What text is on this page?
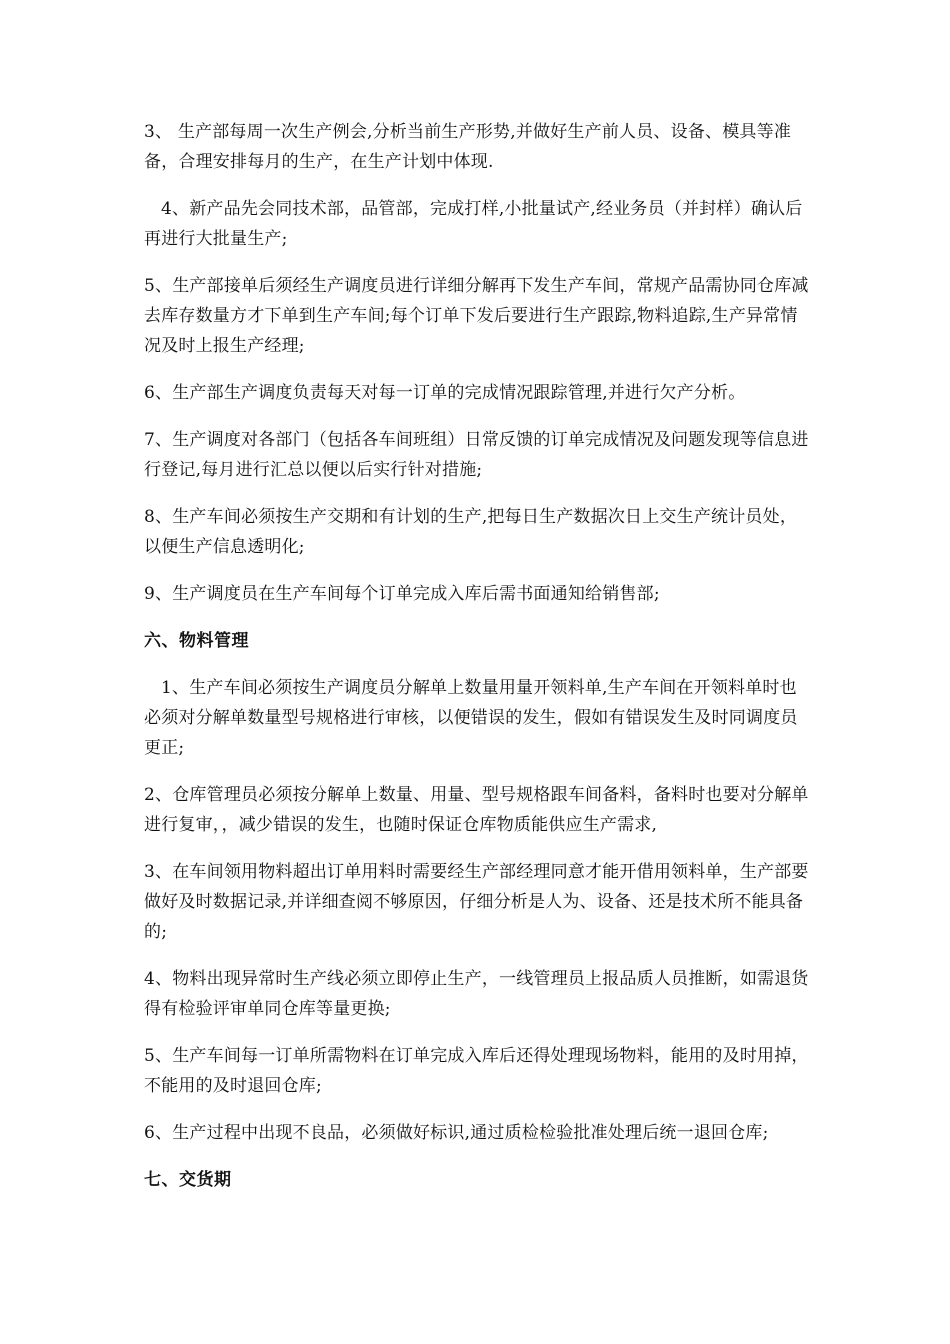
3、 生产部每周一次生产例会,分析当前生产形势,并做好生产前人员、设备、模具等准备，合理安排每月的生产，在生产计划中体现.

4、新产品先会同技术部，品管部，完成打样,小批量试产,经业务员（并封样）确认后再进行大批量生产;

5、生产部接单后须经生产调度员进行详细分解再下发生产车间，常规产品需协同仓库减去库存数量方才下单到生产车间;每个订单下发后要进行生产跟踪,物料追踪,生产异常情况及时上报生产经理;

6、生产部生产调度负责每天对每一订单的完成情况跟踪管理,并进行欠产分析。

7、生产调度对各部门（包括各车间班组）日常反馈的订单完成情况及问题发现等信息进行登记,每月进行汇总以便以后实行针对措施;

8、生产车间必须按生产交期和有计划的生产,把每日生产数据次日上交生产统计员处，以便生产信息透明化;

9、生产调度员在生产车间每个订单完成入库后需书面通知给销售部;

六、物料管理

1、生产车间必须按生产调度员分解单上数量用量开领料单,生产车间在开领料单时也必须对分解单数量型号规格进行审核，以便错误的发生，假如有错误发生及时同调度员更正;

2、仓库管理员必须按分解单上数量、用量、型号规格跟车间备料，备料时也要对分解单进行复审，，减少错误的发生，也随时保证仓库物质能供应生产需求,

3、在车间领用物料超出订单用料时需要经生产部经理同意才能开借用领料单，生产部要做好及时数据记录,并详细查阅不够原因，仔细分析是人为、设备、还是技术所不能具备的;

4、物料出现异常时生产线必须立即停止生产，一线管理员上报品质人员推断，如需退货得有检验评审单同仓库等量更换;

5、生产车间每一订单所需物料在订单完成入库后还得处理现场物料，能用的及时用掉，不能用的及时退回仓库;

6、生产过程中出现不良品，必须做好标识,通过质检检验批准处理后统一退回仓库;

七、交货期
